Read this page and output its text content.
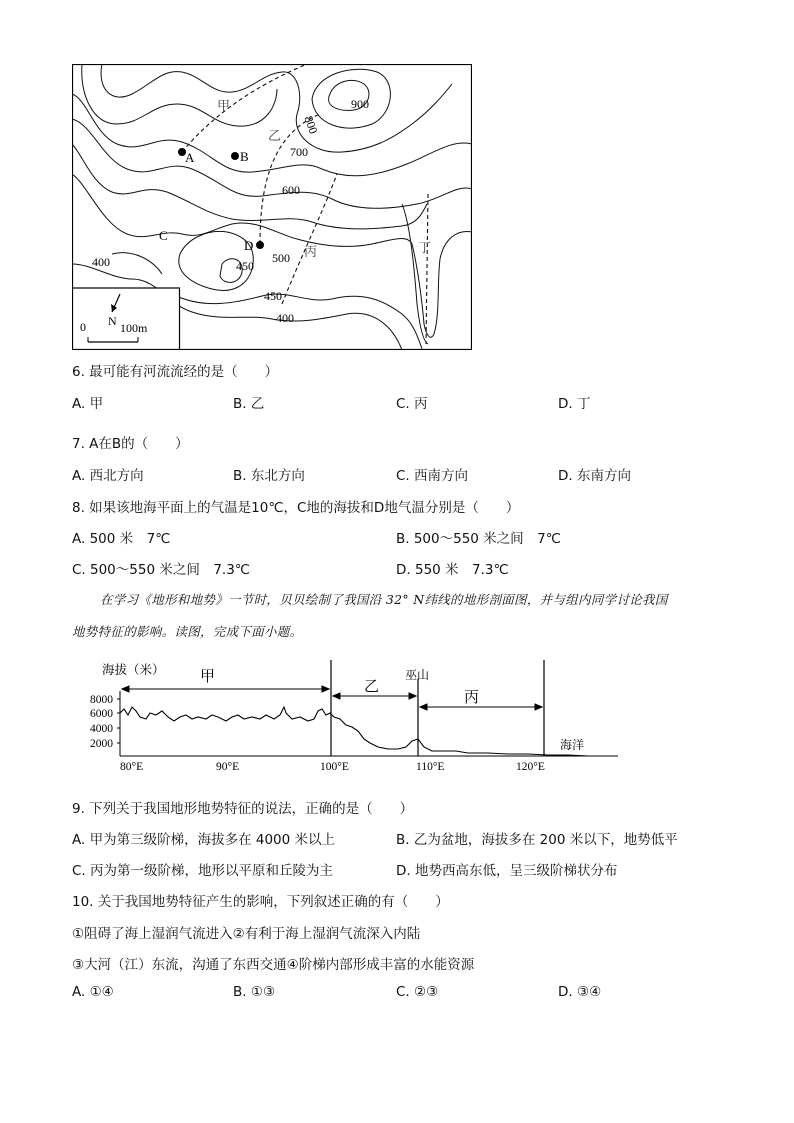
A	B
C
D
甲
乙
丙	丁
900
800
700
600
500
450
450
400
400
N
0	100m
6. 最可能有河流流经的是（　　）
A. 甲	B. 乙	C. 丙	D. 丁
7. A在B的（　　）
A. 西北方向	B. 东北方向	C. 西南方向	D. 东南方向
8. 如果该地海平面上的气温是10℃，C地的海拔和D地气温分别是（　　）
A. 500 米　7℃	B. 500～550 米之间　7℃
C. 500～550 米之间　7.3℃	D. 550 米　7.3℃
在学习《地形和地势》一节时，贝贝绘制了我国沿 32° N纬线的地形剖面图，并与组内同学讨论我国
地势特征的影响。读图，完成下面小题。
海拔（米）
8000
6000
4000
2000
甲
乙
丙
巫山
海洋
80°E	90°E	100°E	110°E	120°E
9. 下列关于我国地形地势特征的说法，正确的是（　　）
A. 甲为第三级阶梯，海拔多在 4000 米以上	B. 乙为盆地，海拔多在 200 米以下，地势低平
C. 丙为第一级阶梯，地形以平原和丘陵为主	D. 地势西高东低，呈三级阶梯状分布
10. 关于我国地势特征产生的影响，下列叙述正确的有（　　）
①阻碍了海上湿润气流进入②有利于海上湿润气流深入内陆
③大河（江）东流，沟通了东西交通④阶梯内部形成丰富的水能资源
A. ①④	B. ①③	C. ②③	D. ③④
